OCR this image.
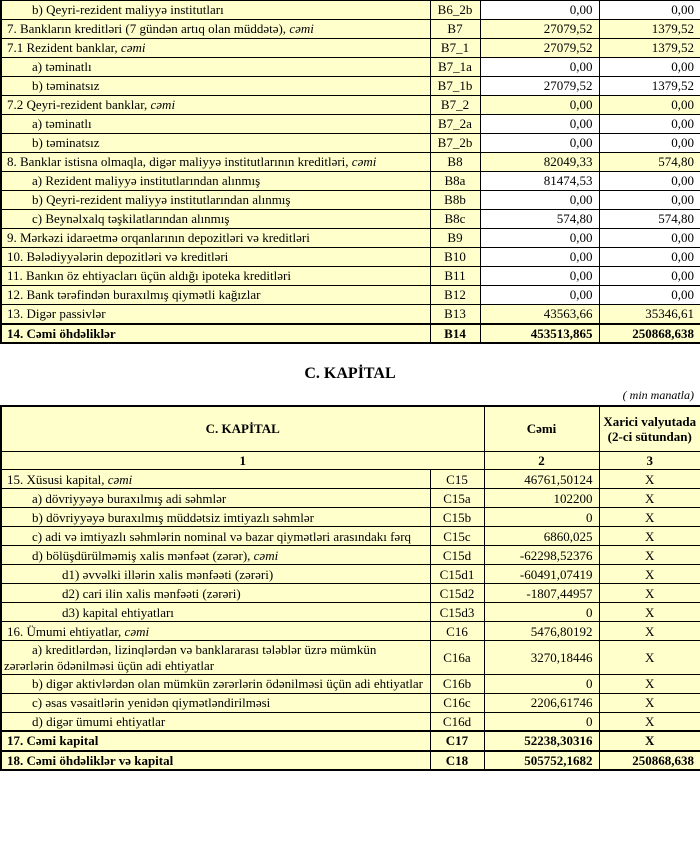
b) Qeyri-rezident maliyyə institutları	B6_2b	0,00	0,00
7. Bankların kreditləri (7 gündən artıq olan müddətə), cəmi	B7	27079,52	1379,52
7.1 Rezident banklar, cəmi	B7_1	27079,52	1379,52
a) təminatlı	B7_1a	0,00	0,00
b) təminatsız	B7_1b	27079,52	1379,52
7.2 Qeyri-rezident banklar, cəmi	B7_2	0,00	0,00
a) təminatlı	B7_2a	0,00	0,00
b) təminatsız	B7_2b	0,00	0,00
8. Banklar istisna olmaqla, digər maliyyə institutlarının kreditləri, cəmi	B8	82049,33	574,80
a) Rezident maliyyə institutlarından alınmış	B8a	81474,53	0,00
b) Qeyri-rezident maliyyə institutlarından alınmış	B8b	0,00	0,00
c) Beynəlxalq təşkilatlarından alınmış	B8c	574,80	574,80
9. Mərkəzi idarəetmə orqanlarının depozitləri və kreditləri	B9	0,00	0,00
10. Bələdiyyələrin depozitləri və kreditləri	B10	0,00	0,00
11. Bankın öz ehtiyacları üçün aldığı ipoteka kreditləri	B11	0,00	0,00
12. Bank tərəfindən buraxılmış qiymətli kağızlar	B12	0,00	0,00
13. Digər passivlər	B13	43563,66	35346,61
14. Cəmi öhdəliklər	B14	453513,865	250868,638
C. KAPİTAL
( min manatla)
C. KAPİTAL		Cəmi	Xarici valyutada (2-ci sütundan)
1		2	3
15. Xüsusi kapital, cəmi	C15	46761,50124	X
a) dövriyyəyə buraxılmış adi səhmlər	C15a	102200	X
b) dövriyyəyə buraxılmış müddətsiz imtiyazlı səhmlər	C15b	0	X
c) adi və imtiyazlı səhmlərin nominal və bazar qiymətləri arasındakı fərq	C15c	6860,025	X
d) bölüşdürülməmiş xalis mənfəət (zərər), cəmi	C15d	-62298,52376	X
d1) əvvəlki illərin xalis mənfəəti (zərəri)	C15d1	-60491,07419	X
d2) cari ilin xalis mənfəəti (zərəri)	C15d2	-1807,44957	X
d3) kapital ehtiyatları	C15d3	0	X
16. Ümumi ehtiyatlar, cəmi	C16	5476,80192	X
a) kreditlərdən, lizinqlərdən və banklararası tələblər üzrə mümkün zərərlərin ödənilməsi üçün adi ehtiyatlar	C16a	3270,18446	X
b) digər aktivlərdən olan mümkün zərərlərin ödənilməsi üçün adi ehtiyatlar	C16b	0	X
c) əsas vəsaitlərin yenidən qiymətləndirilməsi	C16c	2206,61746	X
d) digər ümumi ehtiyatlar	C16d	0	X
17. Cəmi kapital	C17	52238,30316	X
18. Cəmi öhdəliklər və kapital	C18	505752,1682	250868,638
